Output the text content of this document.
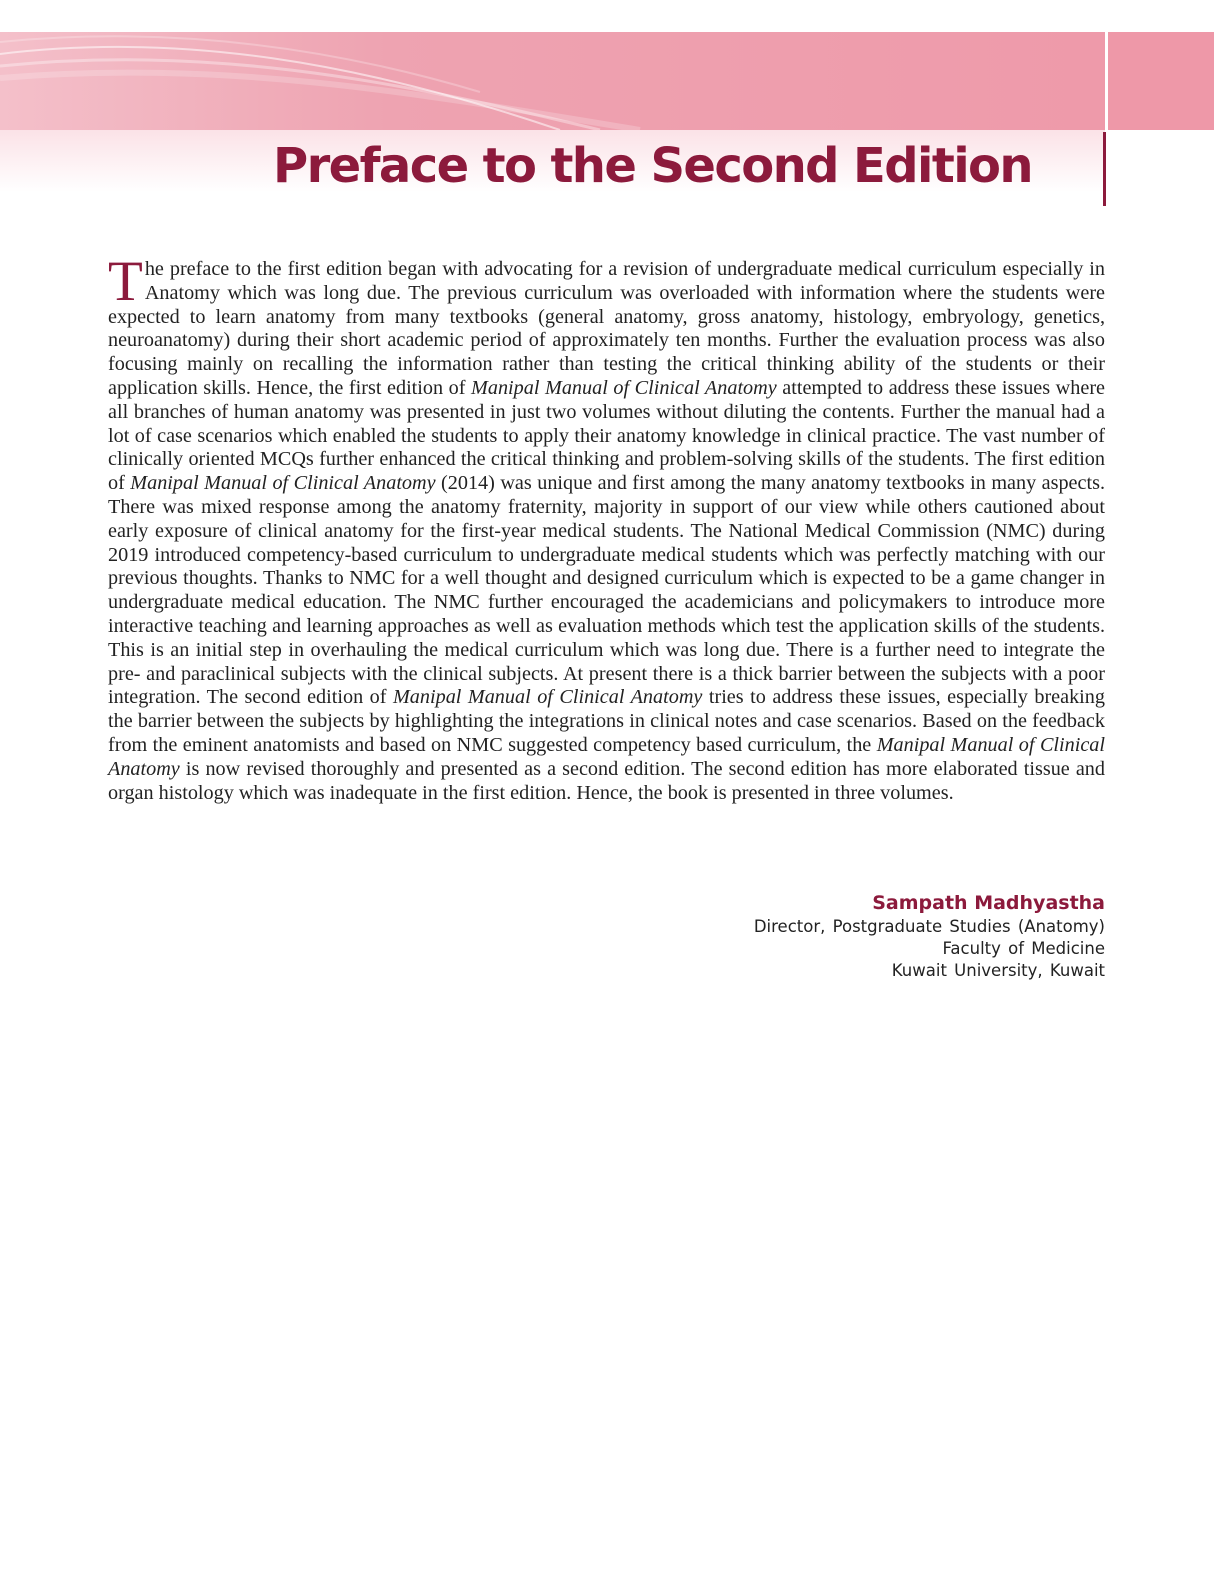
Preface to the Second Edition

The preface to the first edition began with advocating for a revision of undergraduate medical curriculum especially in Anatomy which was long due. The previous curriculum was overloaded with information where the students were expected to learn anatomy from many textbooks (general anatomy, gross anatomy, histology, embryology, genetics, neuroanatomy) during their short academic period of approximately ten months. Further the evaluation process was also focusing mainly on recalling the information rather than testing the critical thinking ability of the students or their application skills. Hence, the first edition of Manipal Manual of Clinical Anatomy attempted to address these issues where all branches of human anatomy was presented in just two volumes without diluting the contents. Further the manual had a lot of case scenarios which enabled the students to apply their anatomy knowledge in clinical practice. The vast number of clinically oriented MCQs further enhanced the critical thinking and problem-solving skills of the students. The first edition of Manipal Manual of Clinical Anatomy (2014) was unique and first among the many anatomy textbooks in many aspects. There was mixed response among the anatomy fraternity, majority in support of our view while others cautioned about early exposure of clinical anatomy for the first-year medical students. The National Medical Commission (NMC) during 2019 introduced competency-based curriculum to undergraduate medical students which was perfectly matching with our previous thoughts. Thanks to NMC for a well thought and designed curriculum which is expected to be a game changer in undergraduate medical education. The NMC further encouraged the academicians and policymakers to introduce more interactive teaching and learning approaches as well as evaluation methods which test the application skills of the students. This is an initial step in overhauling the medical curriculum which was long due. There is a further need to integrate the pre- and paraclinical subjects with the clinical subjects. At present there is a thick barrier between the subjects with a poor integration. The second edition of Manipal Manual of Clinical Anatomy tries to address these issues, especially breaking the barrier between the subjects by highlighting the integrations in clinical notes and case scenarios. Based on the feedback from the eminent anatomists and based on NMC suggested competency based curriculum, the Manipal Manual of Clinical Anatomy is now revised thoroughly and presented as a second edition. The second edition has more elaborated tissue and organ histology which was inadequate in the first edition. Hence, the book is presented in three volumes.

Sampath Madhyastha
Director, Postgraduate Studies (Anatomy)
Faculty of Medicine
Kuwait University, Kuwait
